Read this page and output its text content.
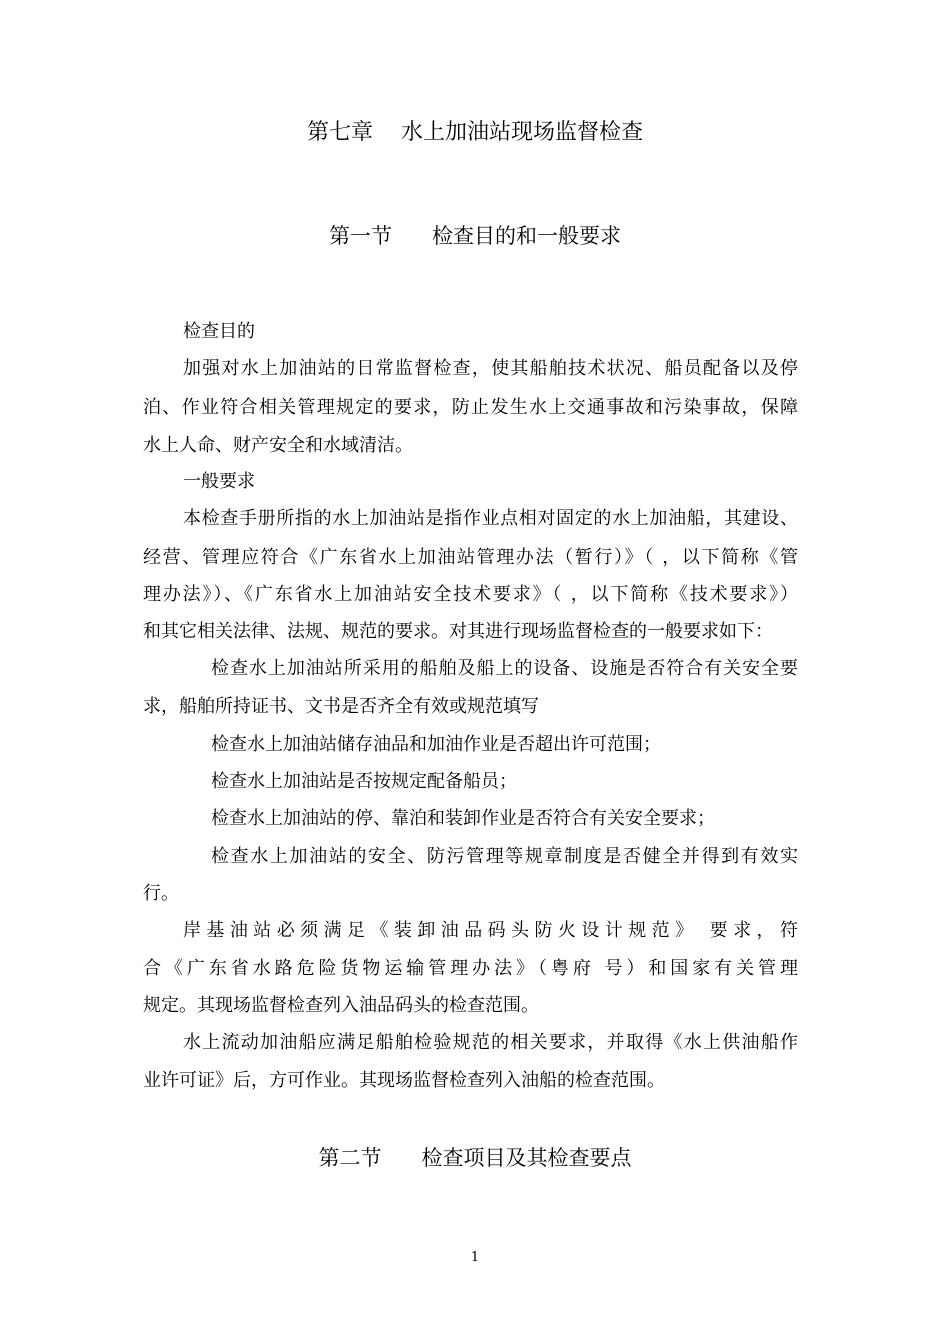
第七章    水上加油站现场监督检查
第一节      检查目的和一般要求
检查目的
加强对水上加油站的日常监督检查，使其船舶技术状况、船员配备以及停
泊、作业符合相关管理规定的要求，防止发生水上交通事故和污染事故，保障
水上人命、财产安全和水域清洁。
一般要求
本检查手册所指的水上加油站是指作业点相对固定的水上加油船，其建设、
经营、管理应符合《广东省水上加油站管理办法（暂行）》（ ，以下简称《管
理办法》）、《广东省水上加油站安全技术要求》（ ，以下简称《技术要求》）
和其它相关法律、法规、规范的要求。对其进行现场监督检查的一般要求如下：
检查水上加油站所采用的船舶及船上的设备、设施是否符合有关安全要
求，船舶所持证书、文书是否齐全有效或规范填写
检查水上加油站储存油品和加油作业是否超出许可范围；
检查水上加油站是否按规定配备船员；
检查水上加油站的停、靠泊和装卸作业是否符合有关安全要求；
检查水上加油站的安全、防污管理等规章制度是否健全并得到有效实
行。
岸基油站必须满足《装卸油品码头防火设计规范》 要求，符
合《广东省水路危险货物运输管理办法》（粤府 号）和国家有关管理
规定。其现场监督检查列入油品码头的检查范围。
水上流动加油船应满足船舶检验规范的相关要求，并取得《水上供油船作
业许可证》后，方可作业。其现场监督检查列入油船的检查范围。
第二节      检查项目及其检查要点
1
